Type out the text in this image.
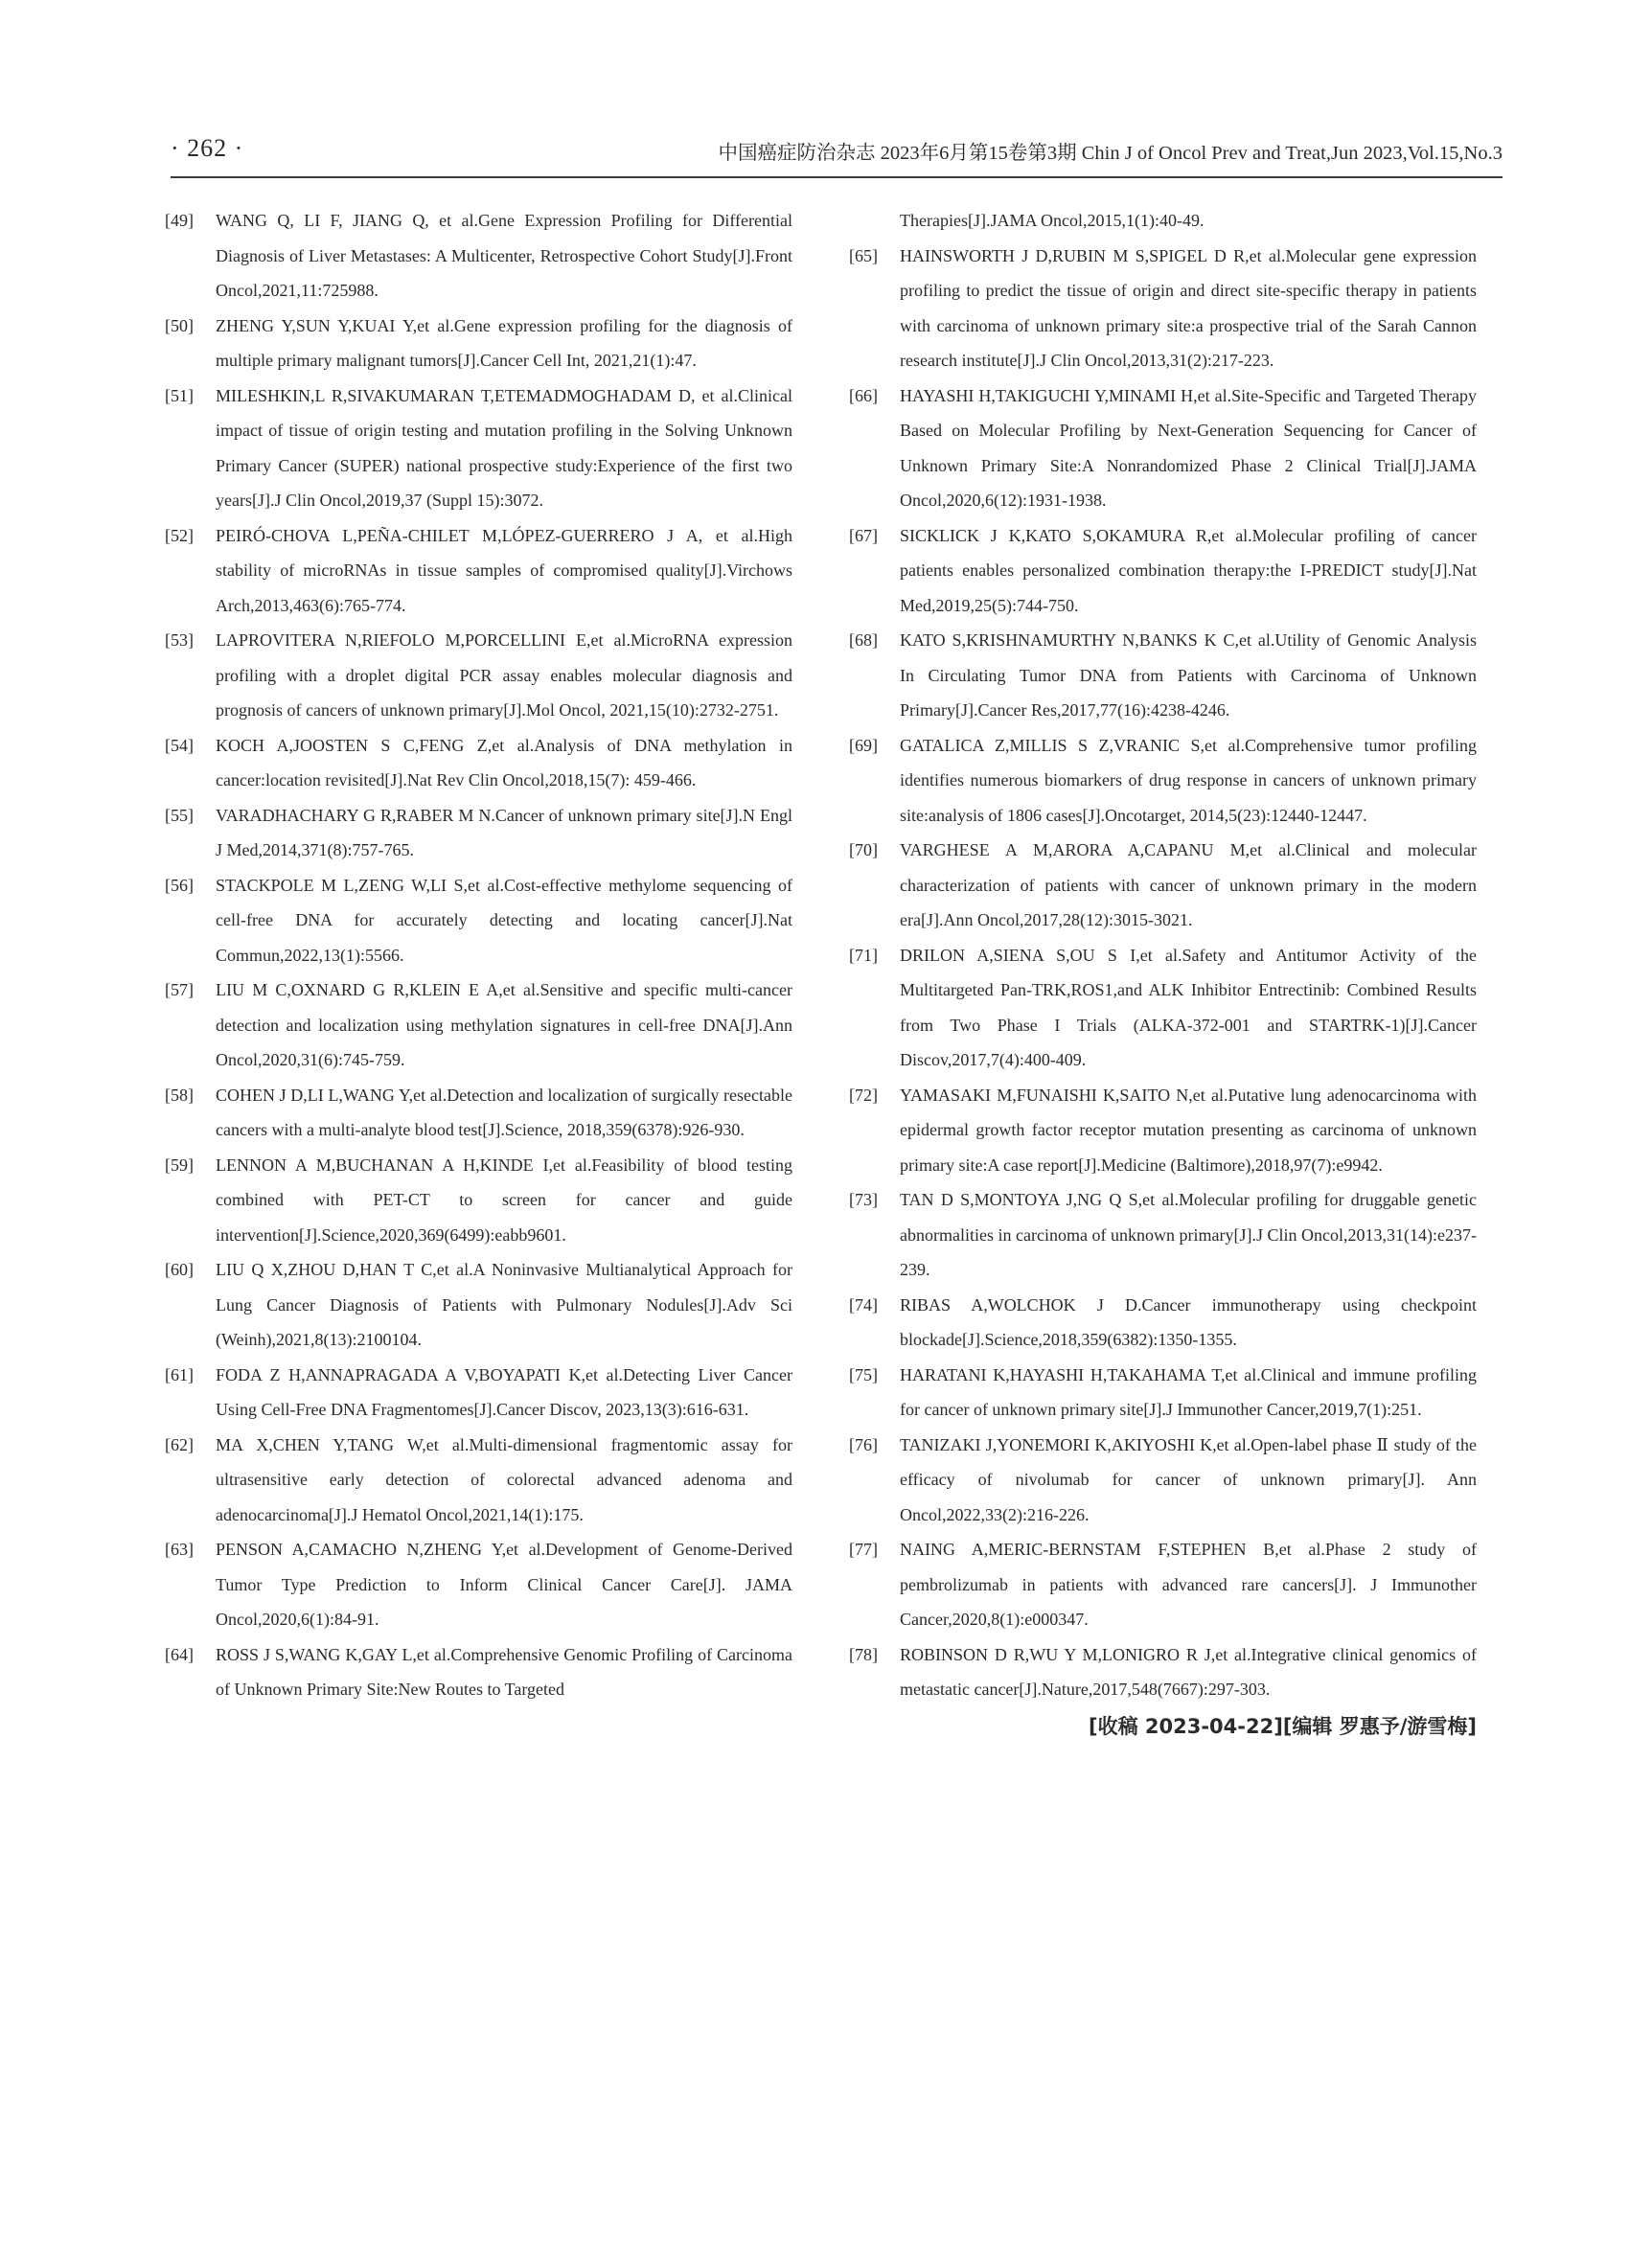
· 262 ·	中国癌症防治杂志 2023年6月第15卷第3期 Chin J of Oncol Prev and Treat,Jun 2023,Vol.15,No.3
[49] WANG Q, LI F, JIANG Q, et al.Gene Expression Profiling for Differential Diagnosis of Liver Metastases: A Multicenter, Retrospective Cohort Study[J].Front Oncol,2021,11:725988.
[50] ZHENG Y,SUN Y,KUAI Y,et al.Gene expression profiling for the diagnosis of multiple primary malignant tumors[J].Cancer Cell Int, 2021,21(1):47.
[51] MILESHKIN,L R,SIVAKUMARAN T,ETEMADMOGHADAM D, et al.Clinical impact of tissue of origin testing and mutation profiling in the Solving Unknown Primary Cancer (SUPER) national prospective study:Experience of the first two years[J].J Clin Oncol,2019,37 (Suppl 15):3072.
[52] PEIRÓ-CHOVA L,PEÑA-CHILET M,LÓPEZ-GUERRERO J A, et al.High stability of microRNAs in tissue samples of compromised quality[J].Virchows Arch,2013,463(6):765-774.
[53] LAPROVITERA N,RIEFOLO M,PORCELLINI E,et al.MicroRNA expression profiling with a droplet digital PCR assay enables molecular diagnosis and prognosis of cancers of unknown primary[J].Mol Oncol, 2021,15(10):2732-2751.
[54] KOCH A,JOOSTEN S C,FENG Z,et al.Analysis of DNA methylation in cancer:location revisited[J].Nat Rev Clin Oncol,2018,15(7): 459-466.
[55] VARADHACHARY G R,RABER M N.Cancer of unknown primary site[J].N Engl J Med,2014,371(8):757-765.
[56] STACKPOLE M L,ZENG W,LI S,et al.Cost-effective methylome sequencing of cell-free DNA for accurately detecting and locating cancer[J].Nat Commun,2022,13(1):5566.
[57] LIU M C,OXNARD G R,KLEIN E A,et al.Sensitive and specific multi-cancer detection and localization using methylation signatures in cell-free DNA[J].Ann Oncol,2020,31(6):745-759.
[58] COHEN J D,LI L,WANG Y,et al.Detection and localization of surgically resectable cancers with a multi-analyte blood test[J].Science, 2018,359(6378):926-930.
[59] LENNON A M,BUCHANAN A H,KINDE I,et al.Feasibility of blood testing combined with PET-CT to screen for cancer and guide intervention[J].Science,2020,369(6499):eabb9601.
[60] LIU Q X,ZHOU D,HAN T C,et al.A Noninvasive Multianalytical Approach for Lung Cancer Diagnosis of Patients with Pulmonary Nodules[J].Adv Sci (Weinh),2021,8(13):2100104.
[61] FODA Z H,ANNAPRAGADA A V,BOYAPATI K,et al.Detecting Liver Cancer Using Cell-Free DNA Fragmentomes[J].Cancer Discov, 2023,13(3):616-631.
[62] MA X,CHEN Y,TANG W,et al.Multi-dimensional fragmentomic assay for ultrasensitive early detection of colorectal advanced adenoma and adenocarcinoma[J].J Hematol Oncol,2021,14(1):175.
[63] PENSON A,CAMACHO N,ZHENG Y,et al.Development of Genome-Derived Tumor Type Prediction to Inform Clinical Cancer Care[J]. JAMA Oncol,2020,6(1):84-91.
[64] ROSS J S,WANG K,GAY L,et al.Comprehensive Genomic Profiling of Carcinoma of Unknown Primary Site:New Routes to Targeted
Therapies[J].JAMA Oncol,2015,1(1):40-49.
[65] HAINSWORTH J D,RUBIN M S,SPIGEL D R,et al.Molecular gene expression profiling to predict the tissue of origin and direct site-specific therapy in patients with carcinoma of unknown primary site:a prospective trial of the Sarah Cannon research institute[J].J Clin Oncol,2013,31(2):217-223.
[66] HAYASHI H,TAKIGUCHI Y,MINAMI H,et al.Site-Specific and Targeted Therapy Based on Molecular Profiling by Next-Generation Sequencing for Cancer of Unknown Primary Site:A Nonrandomized Phase 2 Clinical Trial[J].JAMA Oncol,2020,6(12):1931-1938.
[67] SICKLICK J K,KATO S,OKAMURA R,et al.Molecular profiling of cancer patients enables personalized combination therapy:the I-PREDICT study[J].Nat Med,2019,25(5):744-750.
[68] KATO S,KRISHNAMURTHY N,BANKS K C,et al.Utility of Genomic Analysis In Circulating Tumor DNA from Patients with Carcinoma of Unknown Primary[J].Cancer Res,2017,77(16):4238-4246.
[69] GATALICA Z,MILLIS S Z,VRANIC S,et al.Comprehensive tumor profiling identifies numerous biomarkers of drug response in cancers of unknown primary site:analysis of 1806 cases[J].Oncotarget, 2014,5(23):12440-12447.
[70] VARGHESE A M,ARORA A,CAPANU M,et al.Clinical and molecular characterization of patients with cancer of unknown primary in the modern era[J].Ann Oncol,2017,28(12):3015-3021.
[71] DRILON A,SIENA S,OU S I,et al.Safety and Antitumor Activity of the Multitargeted Pan-TRK,ROS1,and ALK Inhibitor Entrectinib: Combined Results from Two Phase I Trials (ALKA-372-001 and STARTRK-1)[J].Cancer Discov,2017,7(4):400-409.
[72] YAMASAKI M,FUNAISHI K,SAITO N,et al.Putative lung adenocarcinoma with epidermal growth factor receptor mutation presenting as carcinoma of unknown primary site:A case report[J].Medicine (Baltimore),2018,97(7):e9942.
[73] TAN D S,MONTOYA J,NG Q S,et al.Molecular profiling for druggable genetic abnormalities in carcinoma of unknown primary[J].J Clin Oncol,2013,31(14):e237-239.
[74] RIBAS A,WOLCHOK J D.Cancer immunotherapy using checkpoint blockade[J].Science,2018,359(6382):1350-1355.
[75] HARATANI K,HAYASHI H,TAKAHAMA T,et al.Clinical and immune profiling for cancer of unknown primary site[J].J Immunother Cancer,2019,7(1):251.
[76] TANIZAKI J,YONEMORI K,AKIYOSHI K,et al.Open-label phase Ⅱ study of the efficacy of nivolumab for cancer of unknown primary[J]. Ann Oncol,2022,33(2):216-226.
[77] NAING A,MERIC-BERNSTAM F,STEPHEN B,et al.Phase 2 study of pembrolizumab in patients with advanced rare cancers[J]. J Immunother Cancer,2020,8(1):e000347.
[78] ROBINSON D R,WU Y M,LONIGRO R J,et al.Integrative clinical genomics of metastatic cancer[J].Nature,2017,548(7667):297-303.
[收稿 2023-04-22][编辑 罗惠予/游雪梅]
